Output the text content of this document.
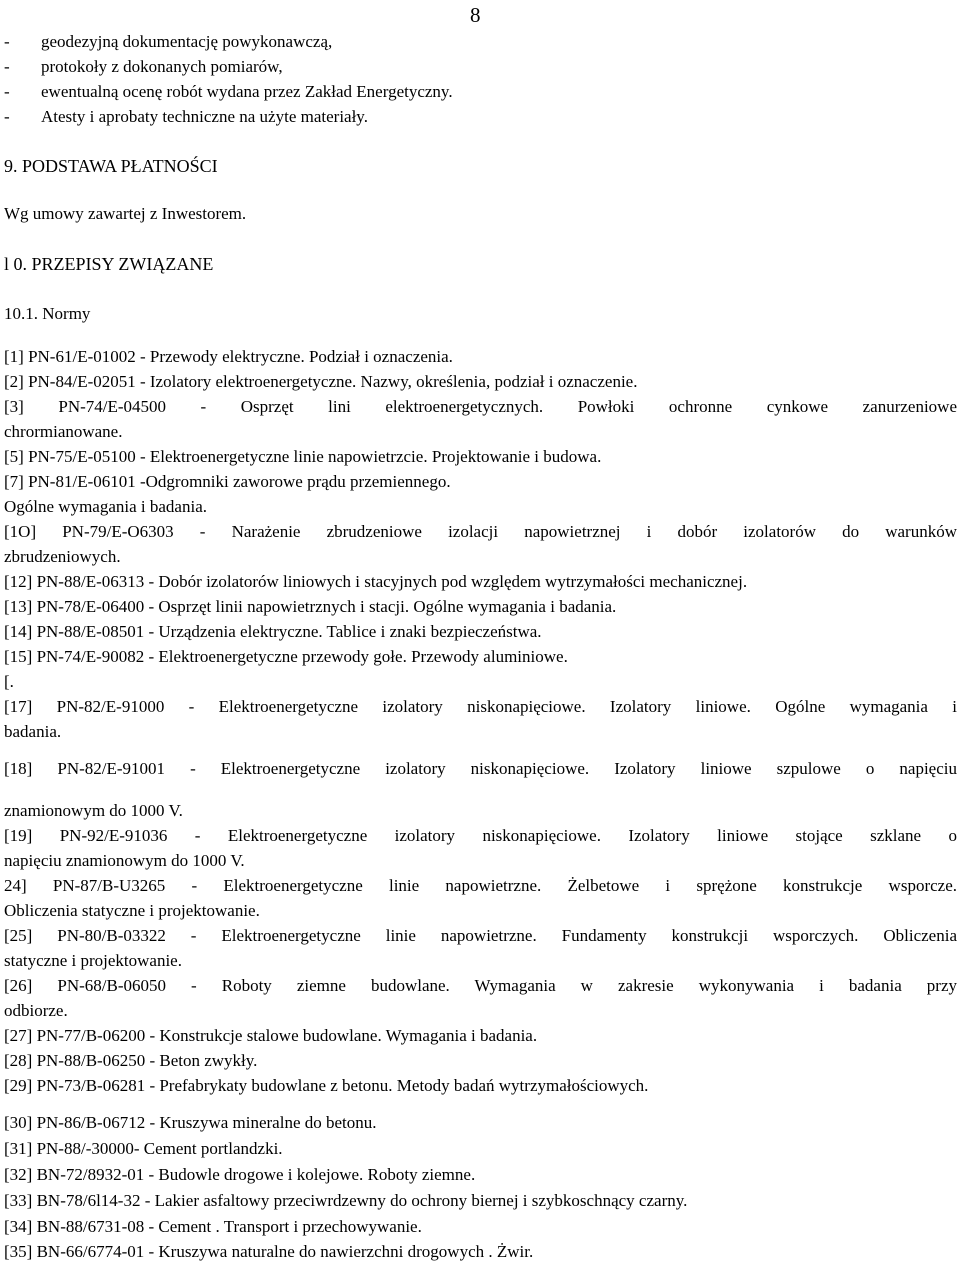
8
-	geodezyjną dokumentację powykonawczą,
-	protokoły z dokonanych pomiarów,
-	ewentualną ocenę robót wydana przez Zakład Energetyczny.
-	Atesty i aprobaty techniczne na użyte materiały.
9. PODSTAWA PŁATNOŚCI
Wg umowy zawartej z Inwestorem.
l 0. PRZEPISY ZWIĄZANE
10.1. Normy
[1] PN-61/E-01002 - Przewody elektryczne. Podział i oznaczenia.
[2] PN-84/E-02051 - Izolatory elektroenergetyczne. Nazwy, określenia, podział i oznaczenie.
[3] PN-74/E-04500 - Osprzęt lini elektroenergetycznych. Powłoki ochronne cynkowe zanurzeniowe
chrormianowane.
[5] PN-75/E-05100 - Elektroenergetyczne linie napowietrzcie. Projektowanie i budowa.
[7] PN-81/E-06101 -Odgromniki zaworowe prądu przemiennego.
Ogólne wymagania i badania.
[1O] PN-79/E-O6303 - Narażenie zbrudzeniowe izolacji napowietrznej i dobór izolatorów do warunków
zbrudzeniowych.
[12] PN-88/E-06313 - Dobór izolatorów liniowych i stacyjnych pod względem wytrzymałości mechanicznej.
[13] PN-78/E-06400 - Osprzęt linii napowietrznych i stacji. Ogólne wymagania i badania.
[14] PN-88/E-08501 - Urządzenia elektryczne. Tablice i znaki bezpieczeństwa.
[15] PN-74/E-90082 - Elektroenergetyczne przewody gołe. Przewody aluminiowe.
[.
[17] PN-82/E-91000 - Elektroenergetyczne izolatory niskonapięciowe. Izolatory liniowe. Ogólne wymagania i
badania.
[18] PN-82/E-91001 - Elektroenergetyczne izolatory niskonapięciowe. Izolatory liniowe szpulowe o napięciu
znamionowym do 1000 V.
[19] PN-92/E-91036 - Elektroenergetyczne izolatory niskonapięciowe. Izolatory liniowe stojące szklane o
napięciu znamionowym do 1000 V.
24] PN-87/B-U3265 - Elektroenergetyczne linie napowietrzne. Żelbetowe i sprężone konstrukcje wsporcze.
Obliczenia statyczne i projektowanie.
[25] PN-80/B-03322 - Elektroenergetyczne linie napowietrzne. Fundamenty konstrukcji wsporczych. Obliczenia
statyczne i projektowanie.
[26] PN-68/B-06050 - Roboty ziemne budowlane. Wymagania w zakresie wykonywania i badania przy
odbiorze.
[27] PN-77/B-06200 - Konstrukcje stalowe budowlane. Wymagania i badania.
[28] PN-88/B-06250 - Beton zwykły.
[29] PN-73/B-06281 - Prefabrykaty budowlane z betonu. Metody badań wytrzymałościowych.
[30] PN-86/B-06712 - Kruszywa mineralne do betonu.
[31] PN-88/-30000- Cement portlandzki.
[32] BN-72/8932-01 - Budowle drogowe i kolejowe. Roboty ziemne.
[33] BN-78/6l14-32 - Lakier asfaltowy przeciwrdzewny do ochrony biernej i szybkoschnący czarny.
[34] BN-88/6731-08 - Cement . Transport i przechowywanie.
[35] BN-66/6774-01 - Kruszywa naturalne do nawierzchni drogowych . Żwir.
